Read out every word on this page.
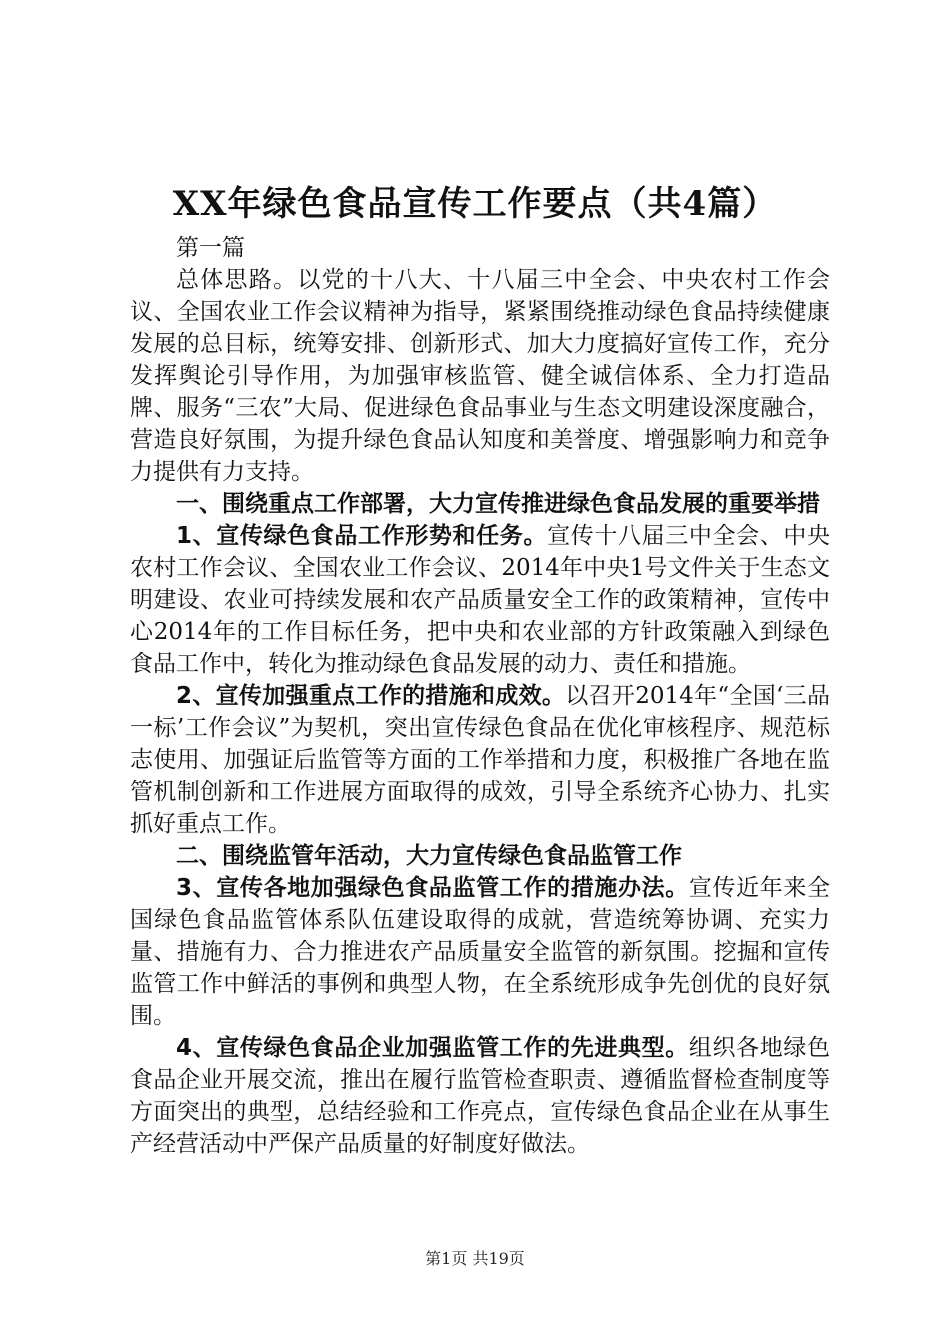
XX年绿色食品宣传工作要点（共4篇）

第一篇

总体思路。以党的十八大、十八届三中全会、中央农村工作会议、全国农业工作会议精神为指导，紧紧围绕推动绿色食品持续健康发展的总目标，统筹安排、创新形式、加大力度搞好宣传工作，充分发挥舆论引导作用，为加强审核监管、健全诚信体系、全力打造品牌、服务“三农”大局、促进绿色食品事业与生态文明建设深度融合，营造良好氛围，为提升绿色食品认知度和美誉度、增强影响力和竞争力提供有力支持。

一、围绕重点工作部署，大力宣传推进绿色食品发展的重要举措

1、宣传绿色食品工作形势和任务。宣传十八届三中全会、中央农村工作会议、全国农业工作会议、2014年中央1号文件关于生态文明建设、农业可持续发展和农产品质量安全工作的政策精神，宣传中心2014年的工作目标任务，把中央和农业部的方针政策融入到绿色食品工作中，转化为推动绿色食品发展的动力、责任和措施。

2、宣传加强重点工作的措施和成效。以召开2014年“全国‘三品一标’工作会议”为契机，突出宣传绿色食品在优化审核程序、规范标志使用、加强证后监管等方面的工作举措和力度，积极推广各地在监管机制创新和工作进展方面取得的成效，引导全系统齐心协力、扎实抓好重点工作。

二、围绕监管年活动，大力宣传绿色食品监管工作

3、宣传各地加强绿色食品监管工作的措施办法。宣传近年来全国绿色食品监管体系队伍建设取得的成就，营造统筹协调、充实力量、措施有力、合力推进农产品质量安全监管的新氛围。挖掘和宣传监管工作中鲜活的事例和典型人物，在全系统形成争先创优的良好氛围。

4、宣传绿色食品企业加强监管工作的先进典型。组织各地绿色食品企业开展交流，推出在履行监管检查职责、遵循监督检查制度等方面突出的典型，总结经验和工作亮点，宣传绿色食品企业在从事生产经营活动中严保产品质量的好制度好做法。

第1页 共19页
